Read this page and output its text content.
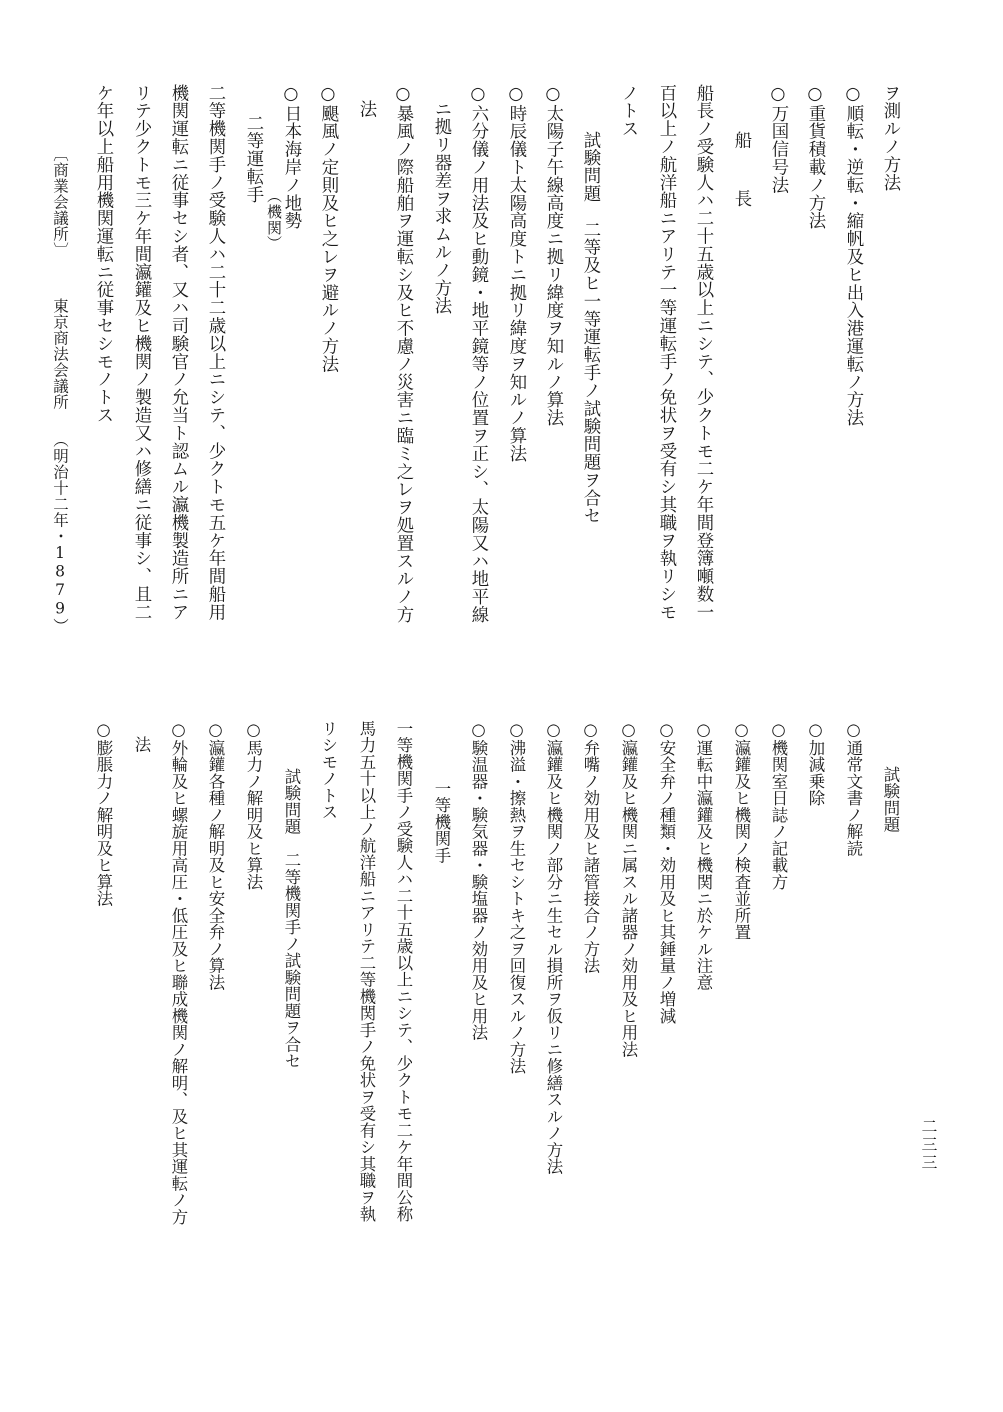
ヲ測ルノ方法
○順転・逆転・縮帆及ヒ出入港運転ノ方法
○重貨積載ノ方法
○万国信号法
船　長
船長ノ受験人ハ二十五歳以上ニシテ、少クトモ二ケ年間登簿噸数一
百以上ノ航洋船ニアリテ一等運転手ノ免状ヲ受有シ其職ヲ執リシモ
ノトス
試験問題　二等及ヒ一等運転手ノ試験問題ヲ合セ
○太陽子午線高度ニ拠リ緯度ヲ知ルノ算法
○時辰儀ト太陽高度トニ拠リ緯度ヲ知ルノ算法
○六分儀ノ用法及ヒ動鏡・地平鏡等ノ位置ヲ正シ、太陽又ハ地平線
ニ拠リ器差ヲ求ムルノ方法
○暴風ノ際船舶ヲ運転シ及ヒ不慮ノ災害ニ臨ミ之レヲ処置スルノ方
法
○颶風ノ定則及ヒ之レヲ避ルノ方法
○日本海岸ノ地勢
（機関）
二等運転手
二等機関手ノ受験人ハ二十二歳以上ニシテ、少クトモ五ケ年間船用
機関運転ニ従事セシ者、又ハ司験官ノ允当ト認ムル瀛機製造所ニア
リテ少クトモ三ケ年間瀛鑵及ヒ機関ノ製造又ハ修繕ニ従事シ、且二
ケ年以上船用機関運転ニ従事セシモノトス
〔商業会議所〕
東京商法会議所
（明治十二年・1879）
試験問題
○通常文書ノ解読
○加減乗除
○機関室日誌ノ記載方
○瀛鑵及ヒ機関ノ検査並所置
○運転中瀛鑵及ヒ機関ニ於ケル注意
○安全弁ノ種類・効用及ヒ其錘量ノ増減
○瀛鑵及ヒ機関ニ属スル諸器ノ効用及ヒ用法
○弁嘴ノ効用及ヒ諸管接合ノ方法
○瀛鑵及ヒ機関ノ部分ニ生セル損所ヲ仮リニ修繕スルノ方法
○沸溢・擦熱ヲ生セシトキ之ヲ回復スルノ方法
○験温器・験気器・験塩器ノ効用及ヒ用法
一等機関手
一等機関手ノ受験人ハ二十五歳以上ニシテ、少クトモ二ケ年間公称
馬力五十以上ノ航洋船ニアリテ二等機関手ノ免状ヲ受有シ其職ヲ執
リシモノトス
試験問題　二等機関手ノ試験問題ヲ合セ
○馬力ノ解明及ヒ算法
○瀛鑵各種ノ解明及ヒ安全弁ノ算法
○外輪及ヒ螺旋用高圧・低圧及ヒ聯成機関ノ解明、及ヒ其運転ノ方
法
○膨脹力ノ解明及ヒ算法
二三三
